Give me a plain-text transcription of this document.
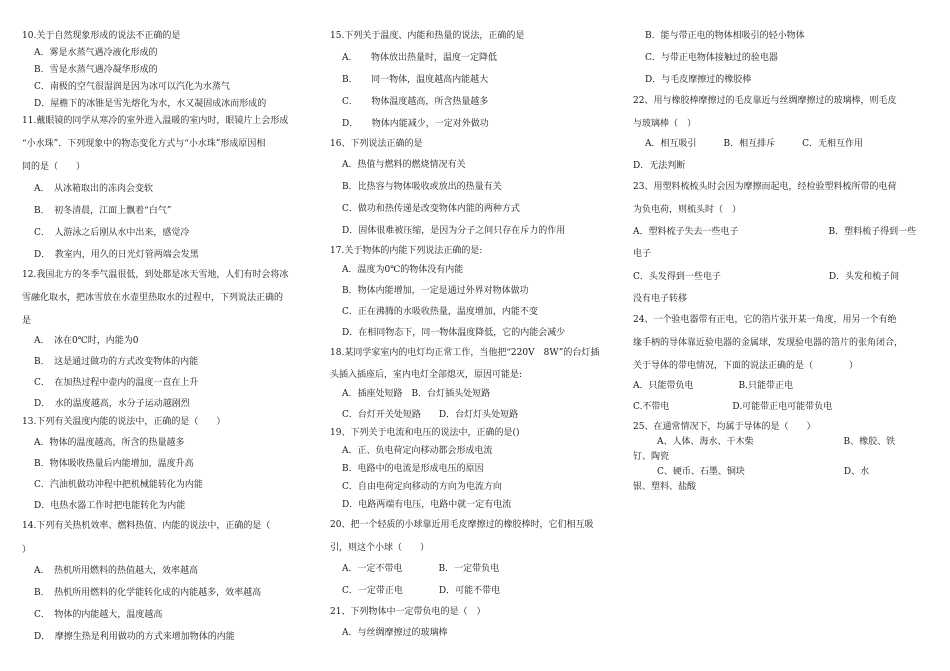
10.关于自然现象形成的说法不正确的是
A．雾是水蒸气遇冷液化形成的
B．雪是水蒸气遇冷凝华形成的
C．南极的空气很湿润是因为冰可以汽化为水蒸气
D．屋檐下的冰锥是雪先熔化为水，水又凝固成冰而形成的
11.戴眼镜的同学从寒冷的室外进入温暖的室内时，眼镜片上会形成
“小水珠”．下列现象中的物态变化方式与“小水珠”形成原因相
同的是（　　）
A．　从冰箱取出的冻肉会变软
B．　初冬清晨，江面上飘着“白气”
C．　人游泳之后刚从水中出来，感觉冷
D．　教室内，用久的日光灯管两端会发黑
12.我国北方的冬季气温很低，到处都是冰天雪地，人们有时会将冰
雪融化取水，把冰雪放在水壶里热取水的过程中，下列说法正确的
是
A．　冰在0℃时，内能为0
B．　这是通过做功的方式改变物体的内能
C．　在加热过程中壶内的温度一直在上升
D．　水的温度越高，水分子运动越剧烈
13.下列有关温度内能的说法中，正确的是（　　）
A．物体的温度越高，所含的热量越多
B．物体吸收热量后内能增加，温度升高
C．汽油机做功冲程中把机械能转化为内能
D．电热水器工作时把电能转化为内能
14.下列有关热机效率、燃料热值、内能的说法中，正确的是（
）
A．　热机所用燃料的热值越大，效率越高
B．　热机所用燃料的化学能转化成的内能越多，效率越高
C．　物体的内能越大，温度越高
D．　摩擦生热是利用做功的方式来增加物体的内能
15.下列关于温度、内能和热量的说法，正确的是
A．　　物体放出热量时，温度一定降低
B．　　同一物体，温度越高内能越大
C．　　物体温度越高，所含热量越多
D．　　物体内能减少，一定对外做功
16、下列说法正确的是
A．热值与燃料的燃烧情况有关
B．比热容与物体吸收或放出的热量有关
C．做功和热传递是改变物体内能的两种方式
D．固体很难被压缩，是因为分子之间只存在斥力的作用
17.关于物体的内能下列说法正确的是:
A．温度为0℃的物体没有内能
B．物体内能增加，一定是通过外界对物体做功
C．正在沸腾的水吸收热量，温度增加，内能不变
D．在相同物态下，同一物体温度降低，它的内能会减少
18.某同学家室内的电灯均正常工作，当他把“220V　8W”的台灯插
头插入插座后，室内电灯全部熄灭，原因可能是:
A．插座处短路　B．台灯插头处短路
C．台灯开关处短路　　D．台灯灯头处短路
19、下列关于电流和电压的说法中，正确的是()
A．正、负电荷定向移动都会形成电流
B．电路中的电流是形成电压的原因
C．自由电荷定向移动的方向为电流方向
D．电路两端有电压，电路中就一定有电流
20、把一个轻质的小球靠近用毛皮摩擦过的橡胶棒时，它们相互吸
引，则这个小球（　　）
A．一定不带电　　　　B．一定带负电
C．一定带正电　　　　D．可能不带电
21、下列物体中一定带负电的是（　）
A．与丝绸摩擦过的玻璃棒
B．能与带正电的物体相吸引的轻小物体
C．与带正电物体接触过的验电器
D．与毛皮摩擦过的橡胶棒
22、用与橡胶棒摩擦过的毛皮靠近与丝绸摩擦过的玻璃棒，则毛皮
与玻璃棒（　）
A．相互吸引　　　B．相互排斥　　　C．无相互作用
D．无法判断
23、用塑料梳梳头时会因为摩擦而起电，经检验塑料梳所带的电荷
为负电荷，则梳头时（　）
A．塑料梳子失去一些电子　　　　　　　　　　B．塑料梳子得到一些
电子
C．头发得到一些电子　　　　　　　　　　　　D．头发和梳子间
没有电子转移
24、一个验电器带有正电，它的箔片张开某一角度，用另一个有绝
缘手柄的导体靠近验电器的金属球，发现验电器的箔片的张角闭合，
关于导体的带电情况，下面的说法正确的是（　　　　）
A．只能带负电　　　　　B.只能带正电
C.不带电　　　　　　　D.可能带正电可能带负电
25、在通常情况下，均属于导体的是（　　）
A、人体、海水、干木柴　　　　　　　　　　B、橡胶、铁
钉、陶瓷
C、硬币、石墨、铜块　　　　　　　　　　　D、水
银、塑料、盐酸
